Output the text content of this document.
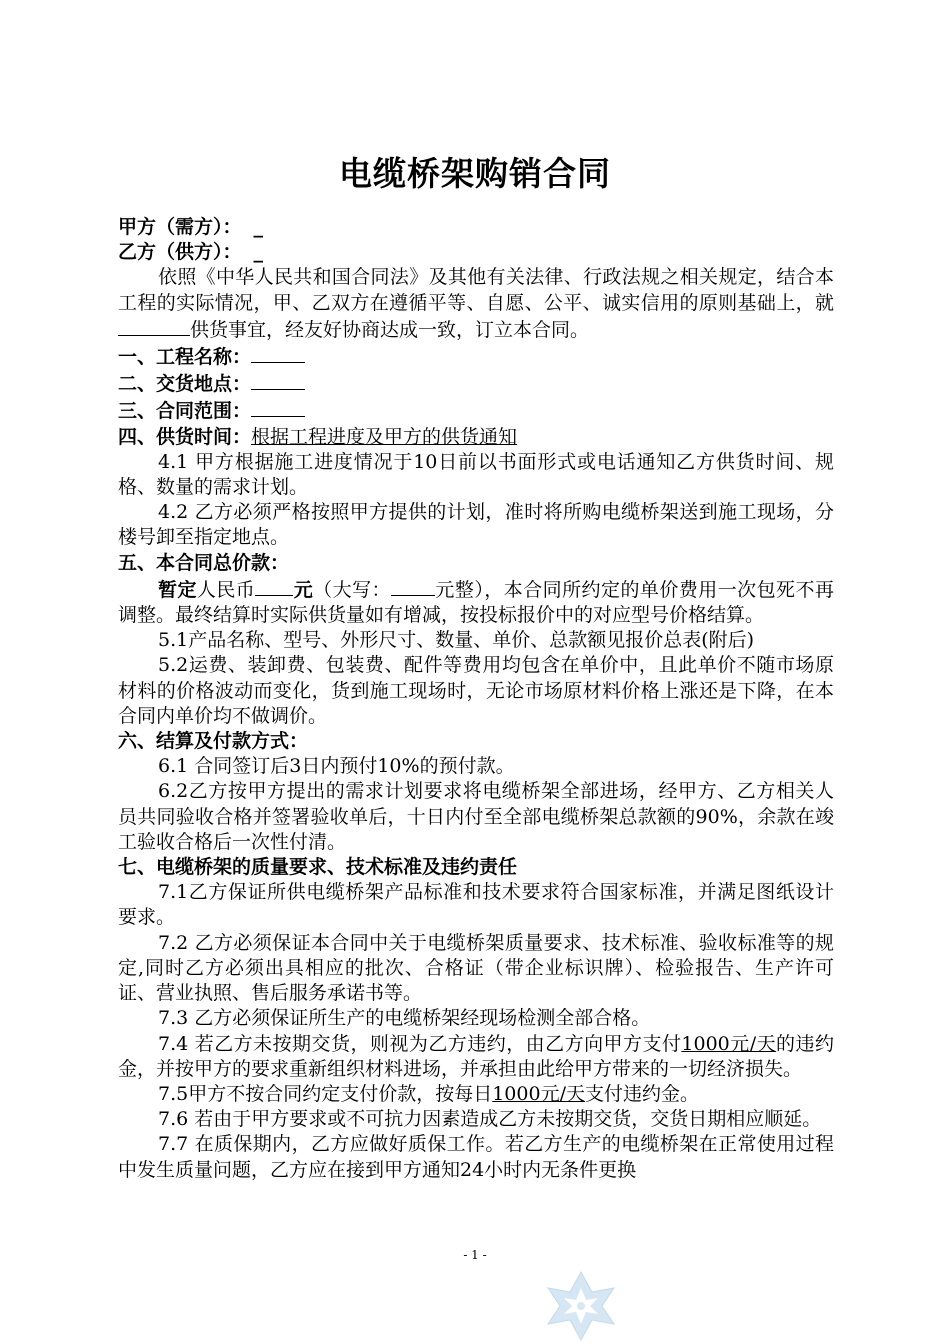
电缆桥架购销合同

甲方（需方）： _

乙方（供方）： _

依照《中华人民共和国合同法》及其他有关法律、行政法规之相关规定，结合本工程的实际情况，甲、乙双方在遵循平等、自愿、公平、诚实信用的原则基础上，就供货事宜，经友好协商达成一致，订立本合同。

一、工程名称：

二、交货地点：

三、合同范围：

四、供货时间：根据工程进度及甲方的供货通知

4.1 甲方根据施工进度情况于10日前以书面形式或电话通知乙方供货时间、规格、数量的需求计划。

4.2 乙方必须严格按照甲方提供的计划，准时将所购电缆桥架送到施工现场，分楼号卸至指定地点。

五、本合同总价款：

暂定人民币 元（大写： 元整），本合同所约定的单价费用一次包死不再调整。最终结算时实际供货量如有增减，按投标报价中的对应型号价格结算。

5.1产品名称、型号、外形尺寸、数量、单价、总款额见报价总表(附后)

5.2运费、装卸费、包装费、配件等费用均包含在单价中，且此单价不随市场原材料的价格波动而变化，货到施工现场时，无论市场原材料价格上涨还是下降，在本合同内单价均不做调价。

六、结算及付款方式：

6.1 合同签订后3日内预付10%的预付款。

6.2乙方按甲方提出的需求计划要求将电缆桥架全部进场，经甲方、乙方相关人员共同验收合格并签署验收单后，十日内付至全部电缆桥架总款额的90%，余款在竣工验收合格后一次性付清。

七、电缆桥架的质量要求、技术标准及违约责任

7.1乙方保证所供电缆桥架产品标准和技术要求符合国家标准，并满足图纸设计要求。

7.2 乙方必须保证本合同中关于电缆桥架质量要求、技术标准、验收标准等的规定,同时乙方必须出具相应的批次、合格证（带企业标识牌）、检验报告、生产许可证、营业执照、售后服务承诺书等。

7.3 乙方必须保证所生产的电缆桥架经现场检测全部合格。

7.4 若乙方未按期交货，则视为乙方违约，由乙方向甲方支付1000元/天的违约金，并按甲方的要求重新组织材料进场，并承担由此给甲方带来的一切经济损失。

7.5甲方不按合同约定支付价款，按每日1000元/天支付违约金。

7.6 若由于甲方要求或不可抗力因素造成乙方未按期交货，交货日期相应顺延。

7.7 在质保期内，乙方应做好质保工作。若乙方生产的电缆桥架在正常使用过程中发生质量问题，乙方应在接到甲方通知24小时内无条件更换

- 1 -
